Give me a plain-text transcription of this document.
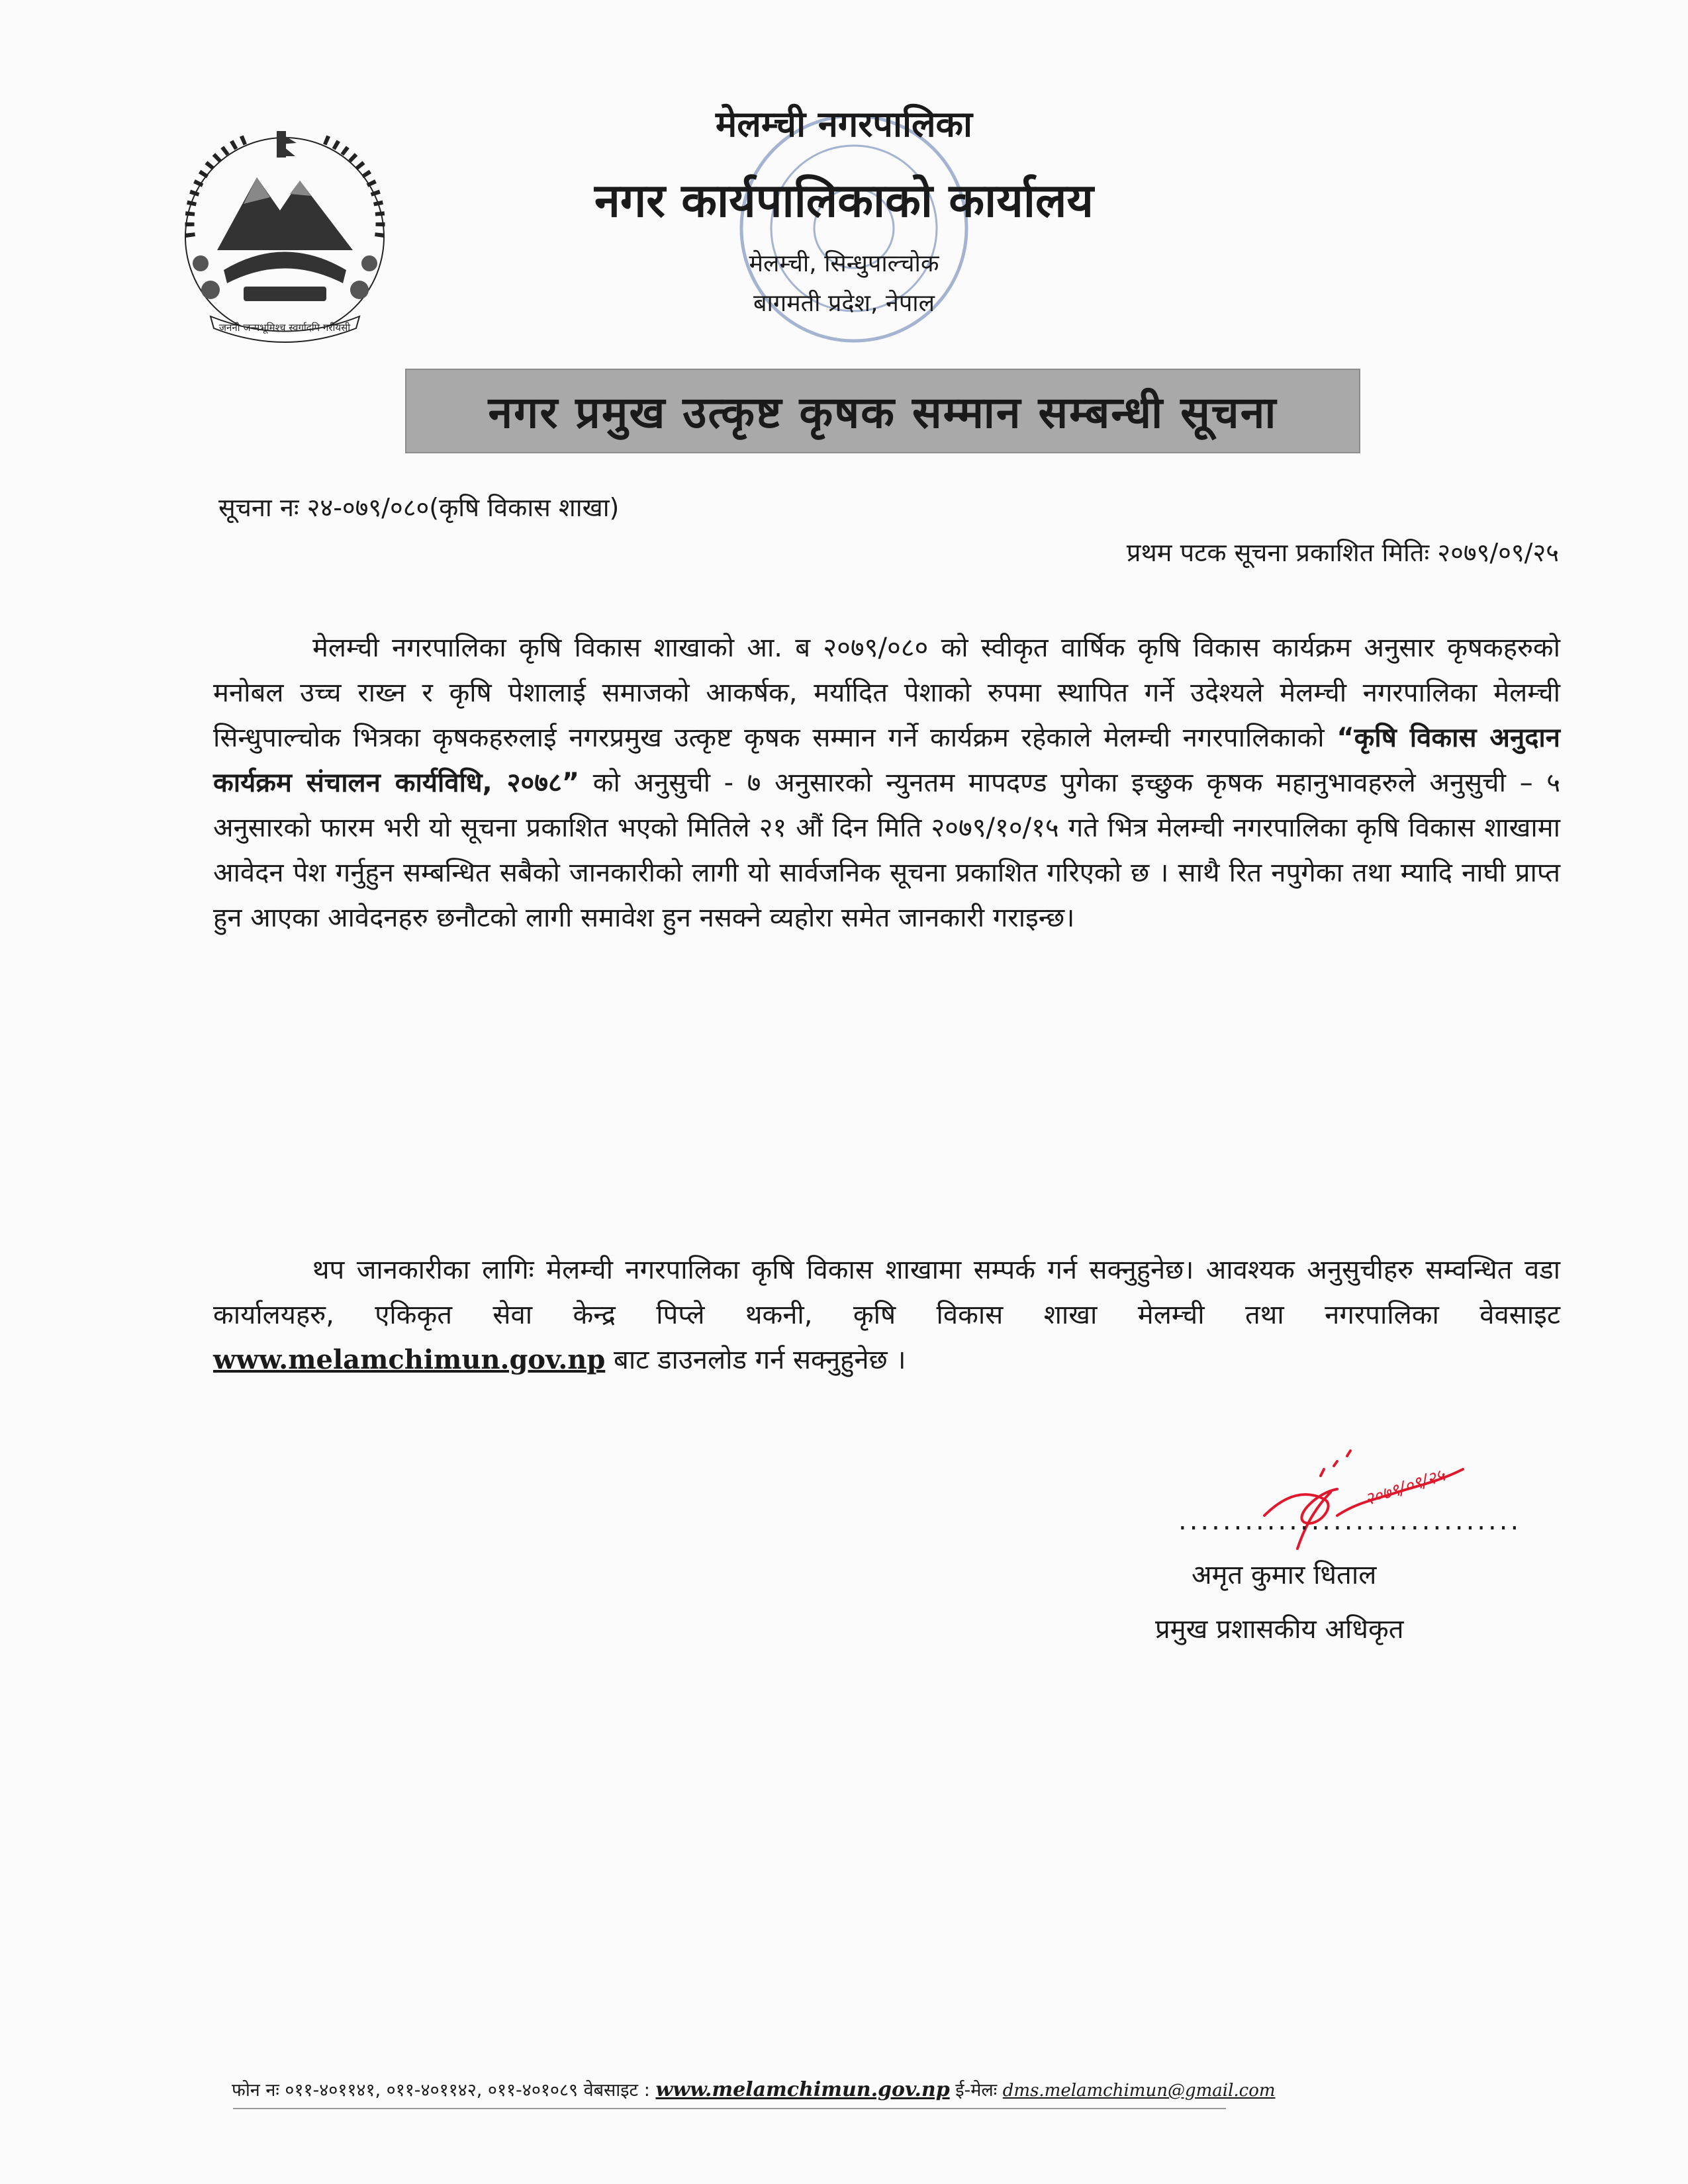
जननी जन्मभूमिश्च स्वर्गादपि गरीयसी
मेलम्ची नगरपालिका
नगर कार्यपालिकाको कार्यालय
मेलम्ची, सिन्धुपाल्चोक
बागमती प्रदेश, नेपाल
नगर प्रमुख उत्कृष्ट कृषक सम्मान सम्बन्धी सूचना
सूचना नः २४-०७९/०८०(कृषि विकास शाखा)
प्रथम पटक सूचना प्रकाशित मितिः २०७९/०९/२५
मेलम्ची नगरपालिका कृषि विकास शाखाको आ. ब २०७९/०८० को स्वीकृत वार्षिक कृषि विकास कार्यक्रम अनुसार कृषकहरुको मनोबल उच्च राख्न र कृषि पेशालाई समाजको आकर्षक, मर्यादित पेशाको रुपमा स्थापित गर्ने उदेश्यले मेलम्ची नगरपालिका मेलम्ची सिन्धुपाल्चोक भित्रका कृषकहरुलाई नगरप्रमुख उत्कृष्ट कृषक सम्मान गर्ने कार्यक्रम रहेकाले मेलम्ची नगरपालिकाको “कृषि विकास अनुदान कार्यक्रम संचालन कार्यविधि, २०७८” को अनुसुची - ७ अनुसारको न्युनतम मापदण्ड पुगेका इच्छुक कृषक महानुभावहरुले अनुसुची – ५ अनुसारको फारम भरी यो सूचना प्रकाशित भएको मितिले २१ औं दिन मिति २०७९/१०/१५ गते भित्र मेलम्ची नगरपालिका कृषि विकास शाखामा आवेदन पेश गर्नुहुन सम्बन्धित सबैको जानकारीको लागी यो सार्वजनिक सूचना प्रकाशित गरिएको छ । साथै रित नपुगेका तथा म्यादि नाघी प्राप्त हुन आएका आवेदनहरु छनौटको लागी समावेश हुन नसक्ने व्यहोरा समेत जानकारी गराइन्छ।
थप जानकारीका लागिः मेलम्ची नगरपालिका कृषि विकास शाखामा सम्पर्क गर्न सक्नुहुनेछ। आवश्यक अनुसुचीहरु सम्वन्धित वडा कार्यालयहरु, एकिकृत सेवा केन्द्र पिप्ले थकनी, कृषि विकास शाखा मेलम्ची तथा नगरपालिका वेवसाइट www.melamchimun.gov.np बाट डाउनलोड गर्न सक्नुहुनेछ ।
२०७९/०९/२५
...............................
अमृत कुमार धिताल
प्रमुख प्रशासकीय अधिकृत
फोन नः ०११-४०११४१, ०११-४०११४२, ०११-४०१०८९ वेबसाइट : www.melamchimun.gov.np ई-मेलः dms.melamchimun@gmail.com
